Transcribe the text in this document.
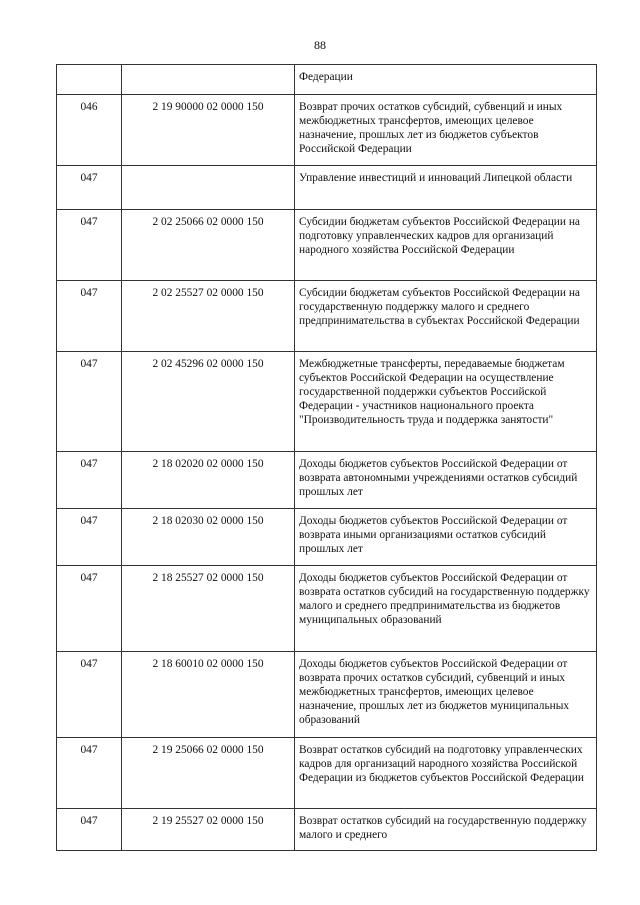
88
		Федерации
046	2 19 90000 02 0000 150	Возврат прочих остатков субсидий, субвенций и иных межбюджетных трансфертов, имеющих целевое назначение, прошлых лет из бюджетов субъектов Российской Федерации
047		Управление инвестиций и инноваций Липецкой области
047	2 02 25066 02 0000 150	Субсидии бюджетам субъектов Российской Федерации на подготовку управленческих кадров для организаций народного хозяйства Российской Федерации
047	2 02 25527 02 0000 150	Субсидии бюджетам субъектов Российской Федерации на государственную поддержку малого и среднего предпринимательства в субъектах Российской Федерации
047	2 02 45296 02 0000 150	Межбюджетные трансферты, передаваемые бюджетам субъектов Российской Федерации на осуществление государственной поддержки субъектов Российской Федерации - участников национального проекта "Производительность труда и поддержка занятости"
047	2 18 02020 02 0000 150	Доходы бюджетов субъектов Российской Федерации от возврата автономными учреждениями остатков субсидий прошлых лет
047	2 18 02030 02 0000 150	Доходы бюджетов субъектов Российской Федерации от возврата иными организациями остатков субсидий прошлых лет
047	2 18 25527 02 0000 150	Доходы бюджетов субъектов Российской Федерации от возврата остатков субсидий на государственную поддержку малого и среднего предпринимательства из бюджетов муниципальных образований
047	2 18 60010 02 0000 150	Доходы бюджетов субъектов Российской Федерации от возврата прочих остатков субсидий, субвенций и иных межбюджетных трансфертов, имеющих целевое назначение, прошлых лет из бюджетов муниципальных образований
047	2 19 25066 02 0000 150	Возврат остатков субсидий на подготовку управленческих кадров для организаций народного хозяйства Российской Федерации из бюджетов субъектов Российской Федерации
047	2 19 25527 02 0000 150	Возврат остатков субсидий на государственную поддержку малого и среднего
